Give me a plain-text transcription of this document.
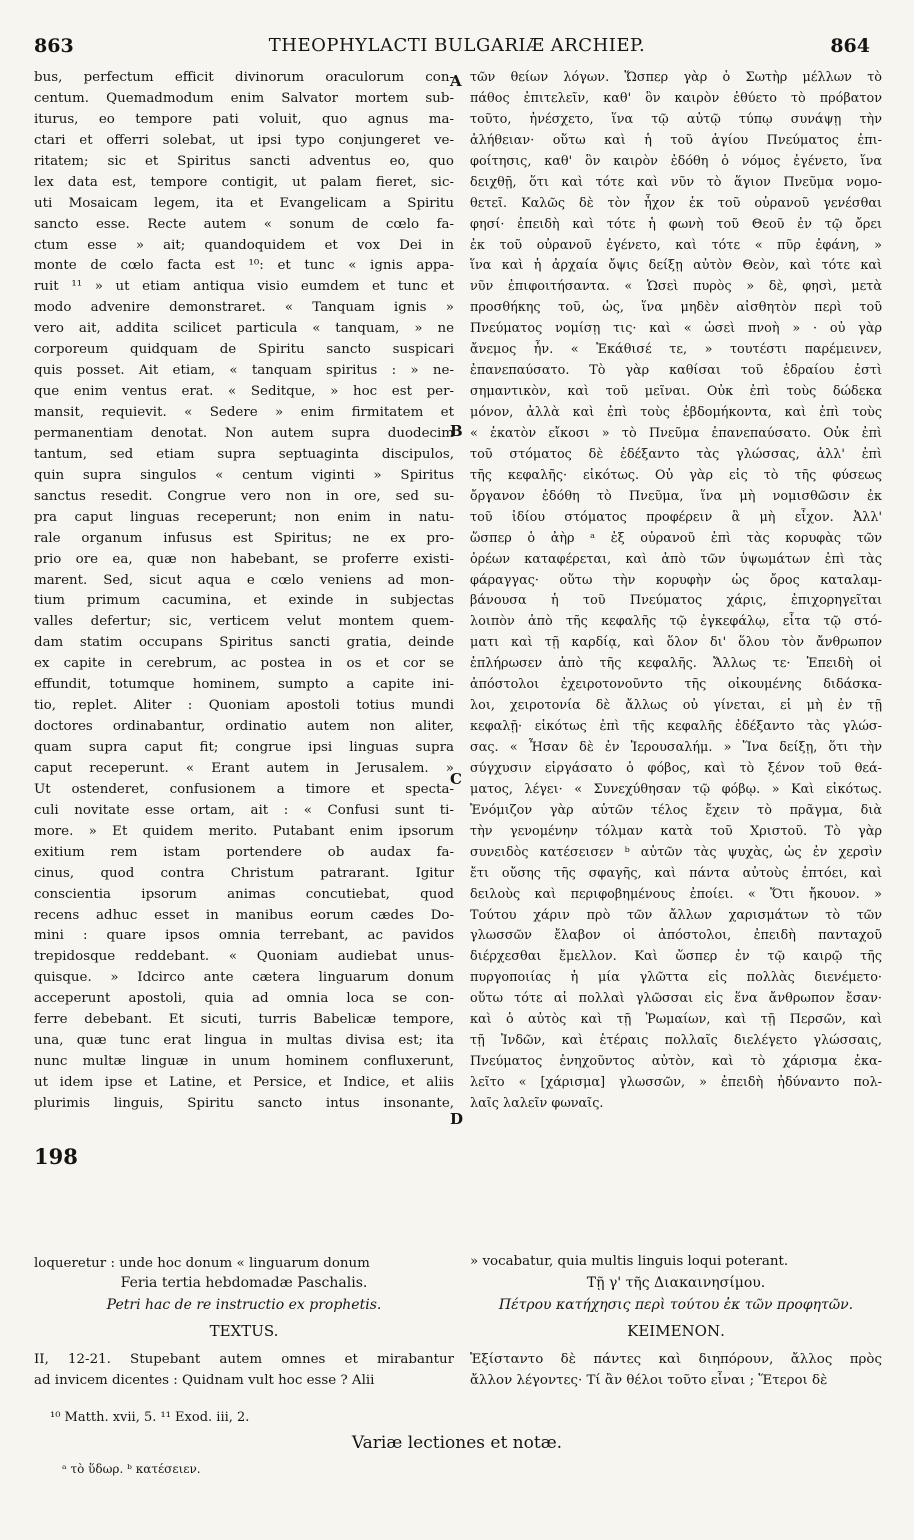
863	THEOPHYLACTI BULGARIÆ ARCHIEP.	864
bus, perfectum efficit divinorum oraculorum con-
centum. Quemadmodum enim Salvator mortem sub-
iturus, eo tempore pati voluit, quo agnus ma-
ctari et offerri solebat, ut ipsi typo conjungeret ve-
ritatem; sic et Spiritus sancti adventus eo, quo
lex data est, tempore contigit, ut palam fieret, sic-
uti Mosaicam legem, ita et Evangelicam a Spiritu
sancto esse. Recte autem « sonum de cœlo fa-
ctum esse » ait; quandoquidem et vox Dei in
monte de cœlo facta est ¹⁰: et tunc « ignis appa-
ruit ¹¹ » ut etiam antiqua visio eumdem et tunc et
modo advenire demonstraret. « Tanquam ignis »
vero ait, addita scilicet particula « tanquam, » ne
corporeum quidquam de Spiritu sancto suspicari
quis posset. Ait etiam, « tanquam spiritus : » ne-
que enim ventus erat. « Seditque, » hoc est per-
mansit, requievit. « Sedere » enim firmitatem et
permanentiam denotat. Non autem supra duodecim
tantum, sed etiam supra septuaginta discipulos,
quin supra singulos « centum viginti » Spiritus
sanctus resedit. Congrue vero non in ore, sed su-
pra caput linguas receperunt; non enim in natu-
rale organum infusus est Spiritus; ne ex pro-
prio ore ea, quæ non habebant, se proferre existi-
marent. Sed, sicut aqua e cœlo veniens ad mon-
tium primum cacumina, et exinde in subjectas
valles defertur; sic, verticem velut montem quem-
dam statim occupans Spiritus sancti gratia, deinde
ex capite in cerebrum, ac postea in os et cor se
effundit, totumque hominem, sumpto a capite ini-
tio, replet. Aliter : Quoniam apostoli totius mundi
doctores ordinabantur, ordinatio autem non aliter,
quam supra caput fit; congrue ipsi linguas supra
caput receperunt. « Erant autem in Jerusalem. »
Ut ostenderet, confusionem a timore et specta-
culi novitate esse ortam, ait : « Confusi sunt ti-
more. » Et quidem merito. Putabant enim ipsorum
exitium rem istam portendere ob audax fa-
cinus, quod contra Christum patrarant. Igitur
conscientia ipsorum animas concutiebat, quod
recens adhuc esset in manibus eorum cædes Do-
mini : quare ipsos omnia terrebant, ac pavidos
trepidosque reddebant. « Quoniam audiebat unus-
quisque. » Idcirco ante cætera linguarum donum
acceperunt apostoli, quia ad omnia loca se con-
ferre debebant. Et sicuti, turris Babelicæ tempore,
una, quæ tunc erat lingua in multas divisa est; ita
nunc multæ linguæ in unum hominem confluxerunt,
ut idem ipse et Latine, et Persice, et Indice, et aliis
plurimis linguis, Spiritu sancto intus insonante,
τῶν θείων λόγων. Ὥσπερ γὰρ ὁ Σωτὴρ μέλλων τὸ
πάθος ἐπιτελεῖν, καθ' ὃν καιρὸν ἐθύετο τὸ πρόβατον
τοῦτο, ἠνέσχετο, ἵνα τῷ αὐτῷ τύπῳ συνάψῃ τὴν
ἀλήθειαν· οὕτω καὶ ἡ τοῦ ἁγίου Πνεύματος ἐπι-
φοίτησις, καθ' ὃν καιρὸν ἐδόθη ὁ νόμος ἐγένετο, ἵνα
δειχθῇ, ὅτι καὶ τότε καὶ νῦν τὸ ἅγιον Πνεῦμα νομο-
θετεῖ. Καλῶς δὲ τὸν ἦχον ἐκ τοῦ οὐρανοῦ γενέσθαι
φησί· ἐπειδὴ καὶ τότε ἡ φωνὴ τοῦ Θεοῦ ἐν τῷ ὄρει
ἐκ τοῦ οὐρανοῦ ἐγένετο, καὶ τότε « πῦρ ἐφάνη, »
ἵνα καὶ ἡ ἀρχαία ὄψις δείξῃ αὐτὸν Θεὸν, καὶ τότε καὶ
νῦν ἐπιφοιτήσαντα. « Ὡσεὶ πυρὸς » δὲ, φησὶ, μετὰ
προσθήκης τοῦ, ὡς, ἵνα μηδὲν αἰσθητὸν περὶ τοῦ
Πνεύματος νομίσῃ τις· καὶ « ὡσεὶ πνοὴ » · οὐ γὰρ
ἄνεμος ἦν. « Ἐκάθισέ τε, » τουτέστι παρέμεινεν,
ἐπανεπαύσατο. Τὸ γὰρ καθίσαι τοῦ ἑδραίου ἐστὶ
σημαντικὸν, καὶ τοῦ μεῖναι. Οὐκ ἐπὶ τοὺς δώδεκα
μόνον, ἀλλὰ καὶ ἐπὶ τοὺς ἑβδομήκοντα, καὶ ἐπὶ τοὺς
« ἑκατὸν εἴκοσι » τὸ Πνεῦμα ἐπανεπαύσατο. Οὐκ ἐπὶ
τοῦ στόματος δὲ ἐδέξαντο τὰς γλώσσας, ἀλλ' ἐπὶ
τῆς κεφαλῆς· εἰκότως. Οὐ γὰρ εἰς τὸ τῆς φύσεως
ὄργανον ἐδόθη τὸ Πνεῦμα, ἵνα μὴ νομισθῶσιν ἐκ
τοῦ ἰδίου στόματος προφέρειν ἃ μὴ εἶχον. Ἀλλ'
ὥσπερ ὁ ἀὴρ ᵃ ἐξ οὐρανοῦ ἐπὶ τὰς κορυφὰς τῶν
ὀρέων καταφέρεται, καὶ ἀπὸ τῶν ὑψωμάτων ἐπὶ τὰς
φάραγγας· οὕτω τὴν κορυφὴν ὡς ὄρος καταλαμ-
βάνουσα ἡ τοῦ Πνεύματος χάρις, ἐπιχορηγεῖται
λοιπὸν ἀπὸ τῆς κεφαλῆς τῷ ἐγκεφάλῳ, εἶτα τῷ στό-
ματι καὶ τῇ καρδίᾳ, καὶ ὅλον δι' ὅλου τὸν ἄνθρωπον
ἐπλήρωσεν ἀπὸ τῆς κεφαλῆς. Ἄλλως τε· Ἐπειδὴ οἱ
ἀπόστολοι ἐχειροτονοῦντο τῆς οἰκουμένης διδάσκα-
λοι, χειροτονία δὲ ἄλλως οὐ γίνεται, εἰ μὴ ἐν τῇ
κεφαλῇ· εἰκότως ἐπὶ τῆς κεφαλῆς ἐδέξαντο τὰς γλώσ-
σας. « Ἦσαν δὲ ἐν Ἱερουσαλήμ. » Ἵνα δείξῃ, ὅτι τὴν
σύγχυσιν εἰργάσατο ὁ φόβος, καὶ τὸ ξένον τοῦ θεά-
ματος, λέγει· « Συνεχύθησαν τῷ φόβῳ. » Καὶ εἰκότως.
Ἐνόμιζον γὰρ αὐτῶν τέλος ἔχειν τὸ πρᾶγμα, διὰ
τὴν γενομένην τόλμαν κατὰ τοῦ Χριστοῦ. Τὸ γὰρ
συνειδὸς κατέσεισεν ᵇ αὐτῶν τὰς ψυχὰς, ὡς ἐν χερσὶν
ἔτι οὔσης τῆς σφαγῆς, καὶ πάντα αὐτοὺς ἐπτόει, καὶ
δειλοὺς καὶ περιφοβημένους ἐποίει. « Ὅτι ἤκουον. »
Τούτου χάριν πρὸ τῶν ἄλλων χαρισμάτων τὸ τῶν
γλωσσῶν ἔλαβον οἱ ἀπόστολοι, ἐπειδὴ πανταχοῦ
διέρχεσθαι ἔμελλον. Καὶ ὥσπερ ἐν τῷ καιρῷ τῆς
πυργοποιίας ἡ μία γλῶττα εἰς πολλὰς διενέμετο·
οὕτω τότε αἱ πολλαὶ γλῶσσαι εἰς ἕνα ἄνθρωπον ἔσαν·
καὶ ὁ αὐτὸς καὶ τῇ Ῥωμαίων, καὶ τῇ Περσῶν, καὶ
τῇ Ἰνδῶν, καὶ ἑτέραις πολλαῖς διελέγετο γλώσσαις,
Πνεύματος ἐνηχοῦντος αὐτὸν, καὶ τὸ χάρισμα ἐκα-
λεῖτο « [χάρισμα] γλωσσῶν, » ἐπειδὴ ἠδύναντο πολ-
λαῖς λαλεῖν φωναῖς.
A
B
C
D
198
loqueretur : unde hoc donum « linguarum donum	» vocabatur, quia multis linguis loqui poterant.
Feria tertia hebdomadæ Paschalis.
Petri hac de re instructio ex prophetis.
TEXTUS.
Τῇ γ' τῆς Διακαινησίμου.
Πέτρου κατήχησις περὶ τούτου ἐκ τῶν προφητῶν.
ΚΕΙΜΕΝΟΝ.
II, 12-21. Stupebant autem omnes et mirabantur
ad invicem dicentes : Quidnam vult hoc esse ? Alii
Ἐξίσταντο δὲ πάντες καὶ διηπόρουν, ἄλλος πρὸς
ἄλλον λέγοντες· Τί ἂν θέλοι τοῦτο εἶναι ; Ἕτεροι δὲ
¹⁰ Matth. xvii, 5. ¹¹ Exod. iii, 2.
Variæ lectiones et notæ.
ᵃ τὸ ὕδωρ. ᵇ κατέσειεν.
